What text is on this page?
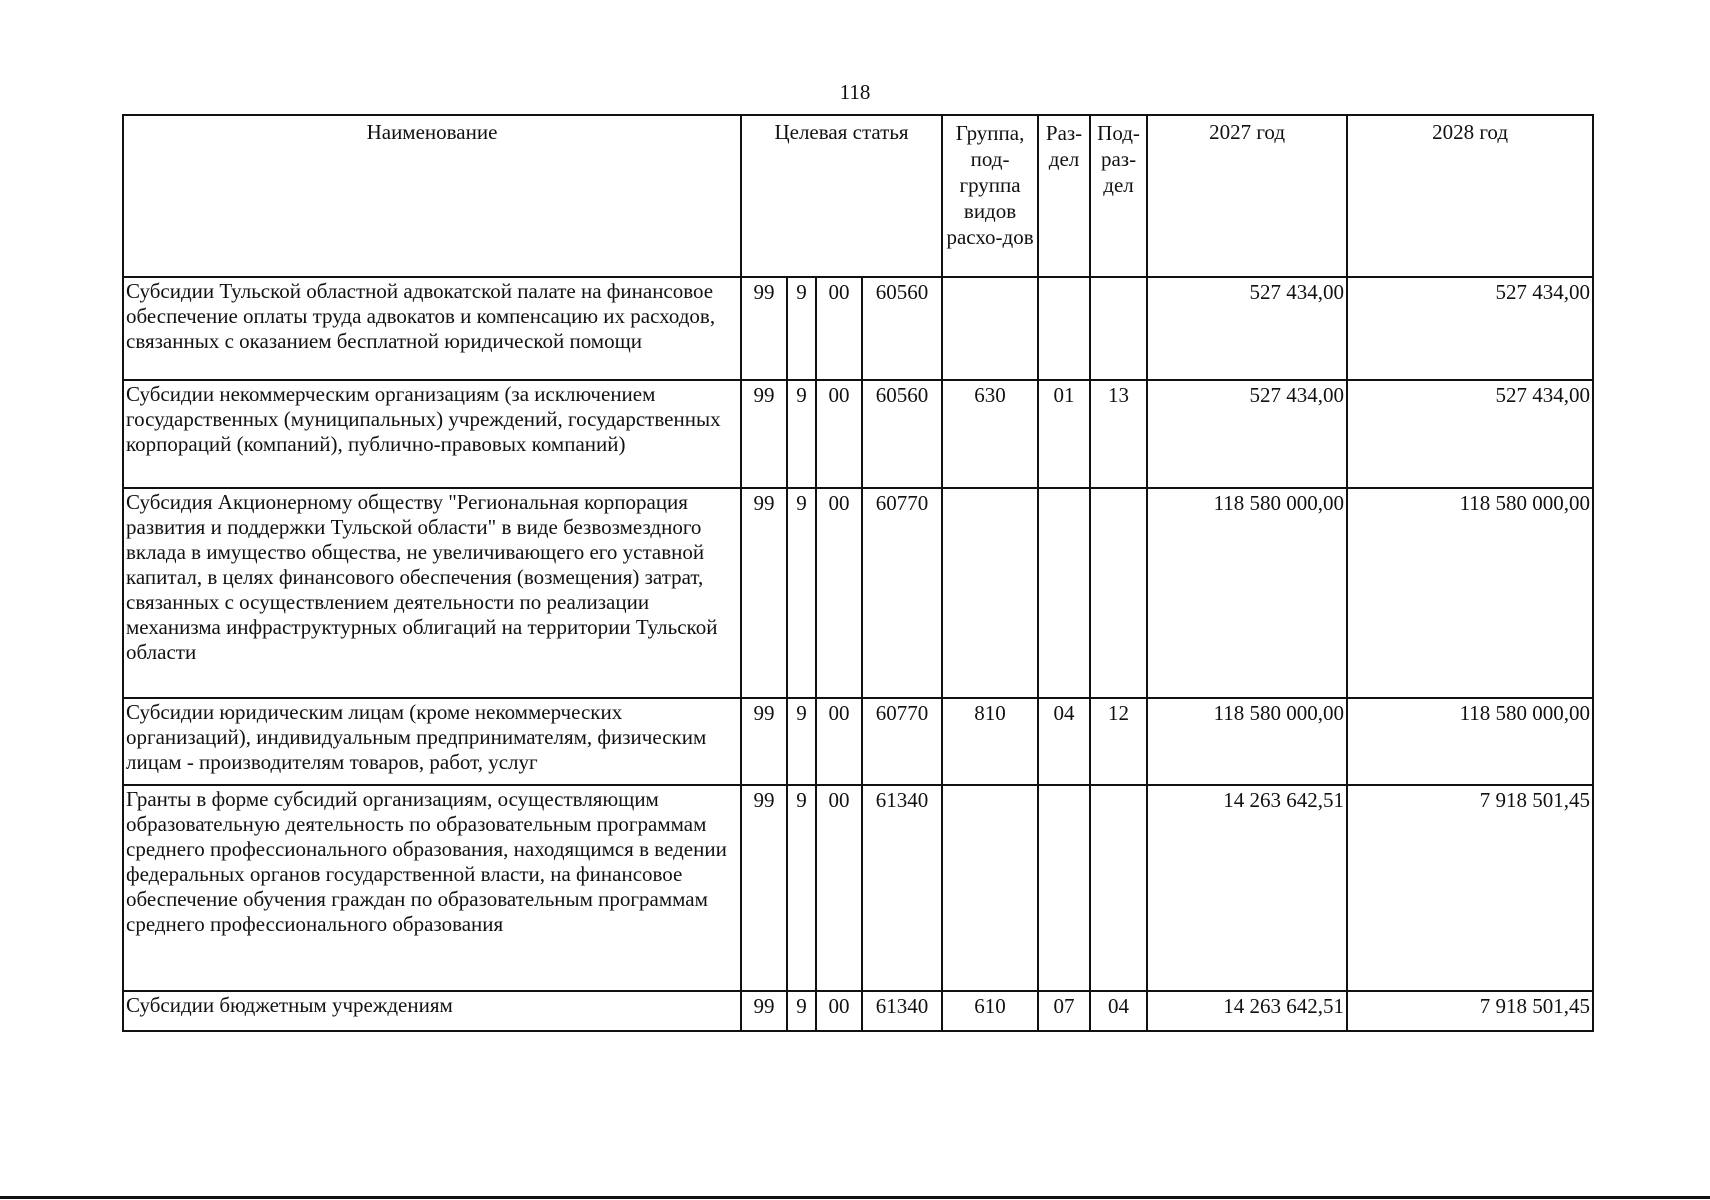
118
Наименование	Целевая статья				Группа, под-группа видов расхо-дов	Раз-дел	Под-раз-дел	2027 год	2028 год
Субсидии Тульской областной адвокатской палате на финансовое обеспечение оплаты труда адвокатов и компенсацию их расходов, связанных с оказанием бесплатной юридической помощи	99	9	00	60560				527 434,00	527 434,00
Субсидии некоммерческим организациям (за исключением государственных (муниципальных) учреждений, государственных корпораций (компаний), публично-правовых компаний)	99	9	00	60560	630	01	13	527 434,00	527 434,00
Субсидия Акционерному обществу "Региональная корпорация развития и поддержки Тульской области" в виде безвозмездного вклада в имущество общества, не увеличивающего его уставной капитал, в целях финансового обеспечения (возмещения) затрат, связанных с осуществлением деятельности по реализации механизма инфраструктурных облигаций на территории Тульской области	99	9	00	60770				118 580 000,00	118 580 000,00
Субсидии юридическим лицам (кроме некоммерческих организаций), индивидуальным предпринимателям, физическим лицам - производителям товаров, работ, услуг	99	9	00	60770	810	04	12	118 580 000,00	118 580 000,00
Гранты в форме субсидий организациям, осуществляющим образовательную деятельность по образовательным программам среднего профессионального образования, находящимся в ведении федеральных органов государственной власти, на финансовое обеспечение обучения граждан по образовательным программам среднего профессионального образования	99	9	00	61340				14 263 642,51	7 918 501,45
Субсидии бюджетным учреждениям	99	9	00	61340	610	07	04	14 263 642,51	7 918 501,45
